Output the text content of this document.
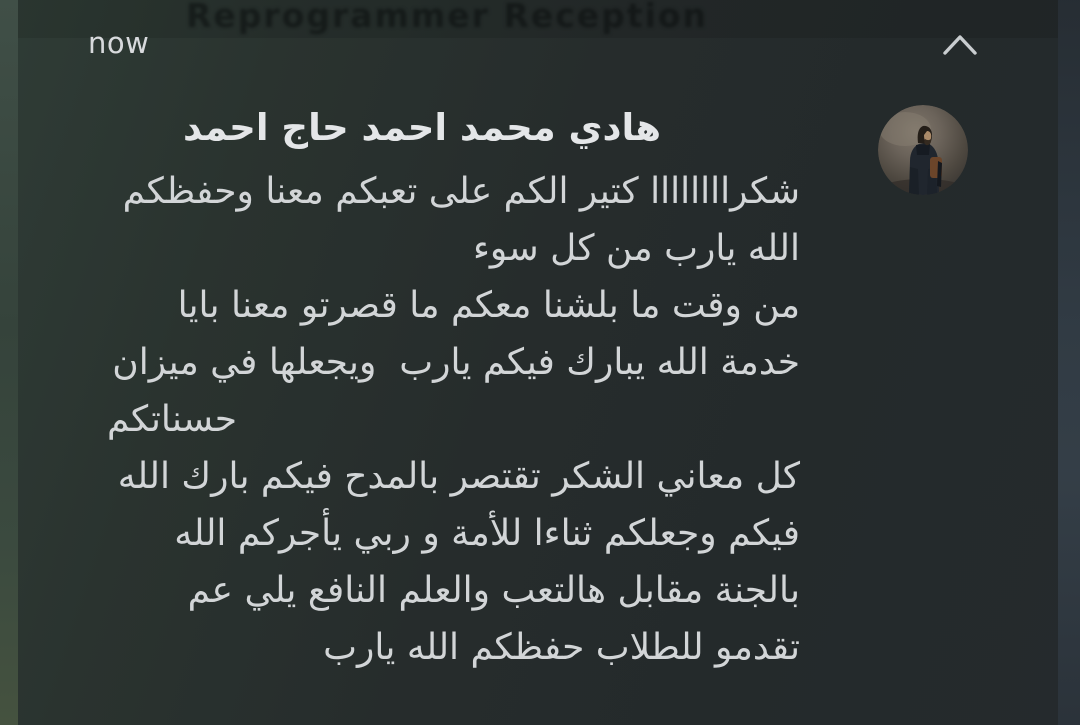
Reprogrammer Reception
now
هادي محمد احمد حاج احمد
شكراااااااا كتير الكم على تعبكم معنا وحفظكم
الله يارب من كل سوء
من وقت ما بلشنا معكم ما قصرتو معنا بايا
خدمة الله يبارك فيكم يارب  ويجعلها في ميزان
حسناتكم
كل معاني الشكر تقتصر بالمدح فيكم بارك الله
فيكم وجعلكم ثناءا للأمة و ربي يأجركم الله
بالجنة مقابل هالتعب والعلم النافع يلي عم
تقدمو للطلاب حفظكم الله يارب
